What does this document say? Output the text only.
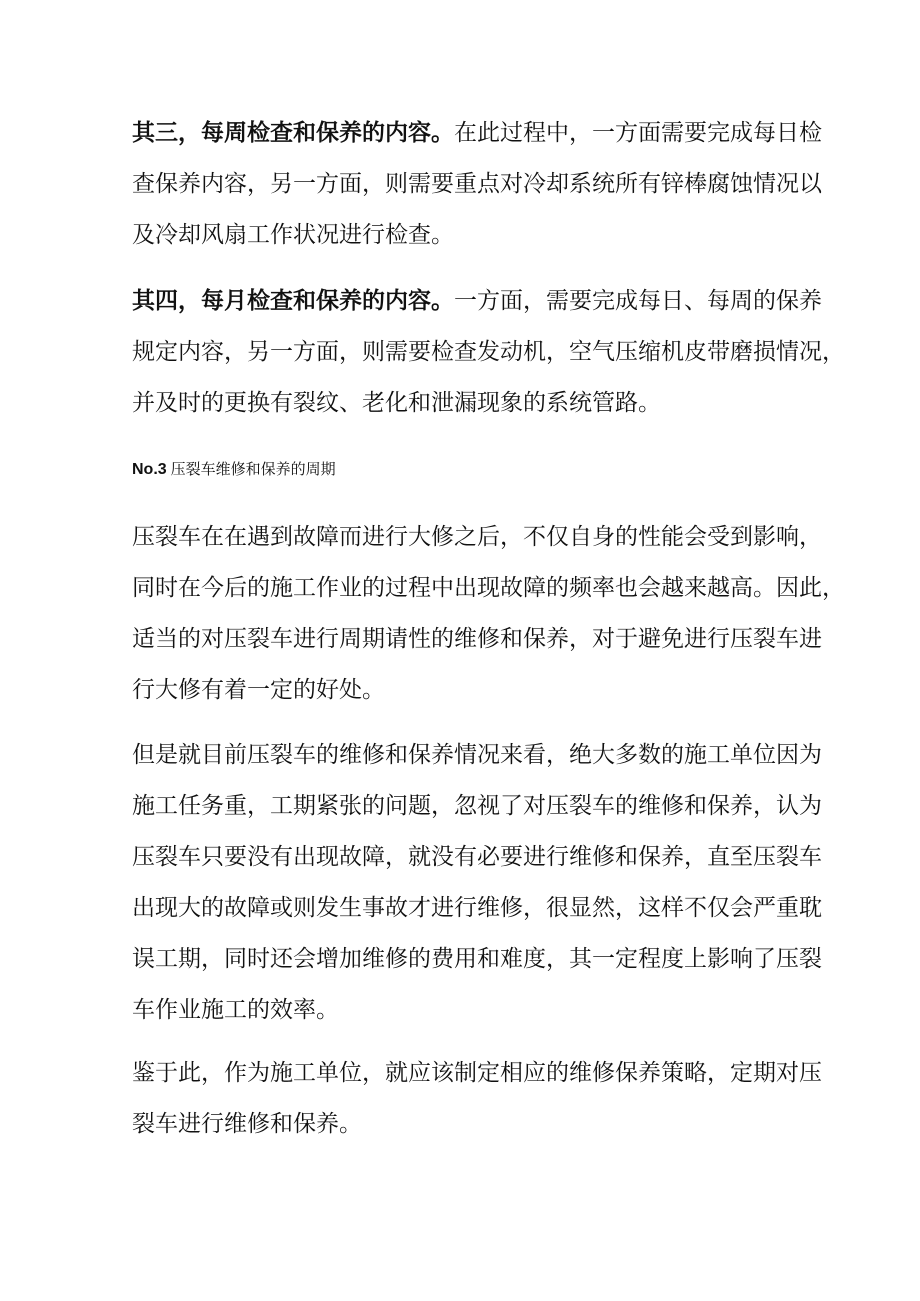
其三，每周检查和保养的内容。在此过程中，一方面需要完成每日检
查保养内容，另一方面，则需要重点对冷却系统所有锌棒腐蚀情况以
及冷却风扇工作状况进行检查。

其四，每月检查和保养的内容。一方面，需要完成每日、每周的保养
规定内容，另一方面，则需要检查发动机，空气压缩机皮带磨损情况，
并及时的更换有裂纹、老化和泄漏现象的系统管路。

No.3 压裂车维修和保养的周期

压裂车在在遇到故障而进行大修之后，不仅自身的性能会受到影响，
同时在今后的施工作业的过程中出现故障的频率也会越来越高。因此，
适当的对压裂车进行周期请性的维修和保养，对于避免进行压裂车进
行大修有着一定的好处。

但是就目前压裂车的维修和保养情况来看，绝大多数的施工单位因为
施工任务重，工期紧张的问题，忽视了对压裂车的维修和保养，认为
压裂车只要没有出现故障，就没有必要进行维修和保养，直至压裂车
出现大的故障或则发生事故才进行维修，很显然，这样不仅会严重耽
误工期，同时还会增加维修的费用和难度，其一定程度上影响了压裂
车作业施工的效率。

鉴于此，作为施工单位，就应该制定相应的维修保养策略，定期对压
裂车进行维修和保养。
